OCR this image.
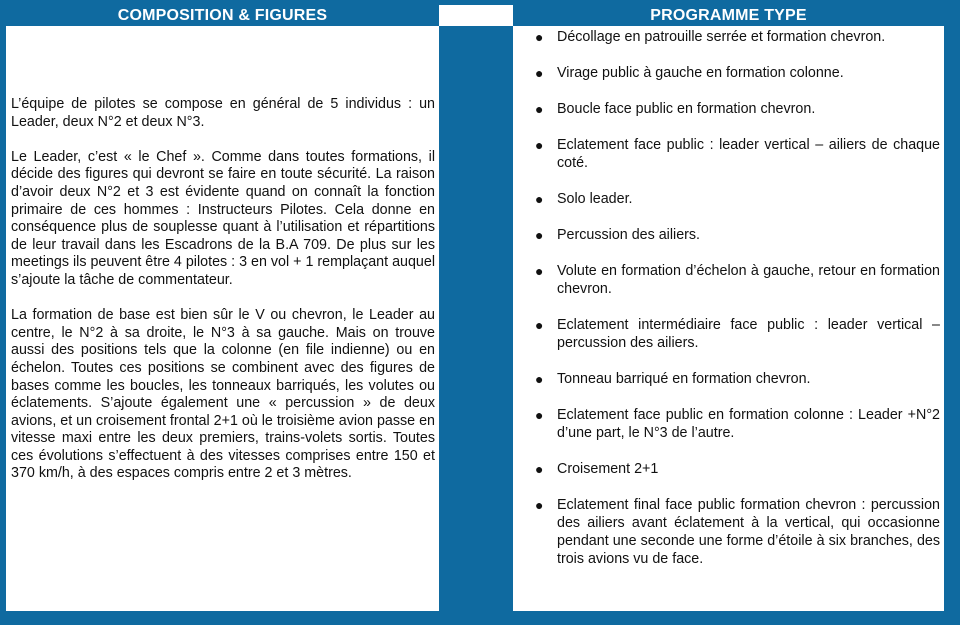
COMPOSITION & FIGURES	PROGRAMME TYPE

L’équipe de pilotes se compose en général de 5 individus : un Leader, deux N°2 et deux N°3.

Le Leader, c’est « le Chef ». Comme dans toutes formations, il décide des figures qui devront se faire en toute sécurité. La raison d’avoir deux N°2 et 3 est évidente quand on connaît la fonction primaire de ces hommes : Instructeurs Pilotes. Cela donne en conséquence plus de souplesse quant à l’utilisation et répartitions de leur travail dans les Escadrons de la B.A 709. De plus sur les meetings ils peuvent être 4 pilotes : 3 en vol + 1 remplaçant auquel s’ajoute la tâche de commentateur.

La formation de base est bien sûr le V ou chevron, le Leader au centre, le N°2 à sa droite, le N°3 à sa gauche. Mais on trouve aussi des positions tels que la colonne (en file indienne) ou en échelon. Toutes ces positions se combinent avec des figures de bases comme les boucles, les tonneaux barriqués, les volutes ou éclatements. S’ajoute également une « percussion » de deux avions, et un croisement frontal 2+1 où le troisième avion passe en vitesse maxi entre les deux premiers, trains-volets sortis. Toutes ces évolutions s’effectuent à des vitesses comprises entre 150 et 370 km/h, à des espaces compris entre 2 et 3 mètres.

● Décollage en patrouille serrée et formation chevron.
● Virage public à gauche en formation colonne.
● Boucle face public en formation chevron.
● Eclatement face public : leader vertical – ailiers de chaque coté.
● Solo leader.
● Percussion des ailiers.
● Volute en formation d’échelon à gauche, retour en formation chevron.
● Eclatement intermédiaire face public : leader vertical – percussion des ailiers.
● Tonneau barriqué en formation chevron.
● Eclatement face public en formation colonne : Leader +N°2 d’une part, le N°3 de l’autre.
● Croisement 2+1
● Eclatement final face public formation chevron : percussion des ailiers avant éclatement à la vertical, qui occasionne pendant une seconde une forme d’étoile à six branches, des trois avions vu de face.
